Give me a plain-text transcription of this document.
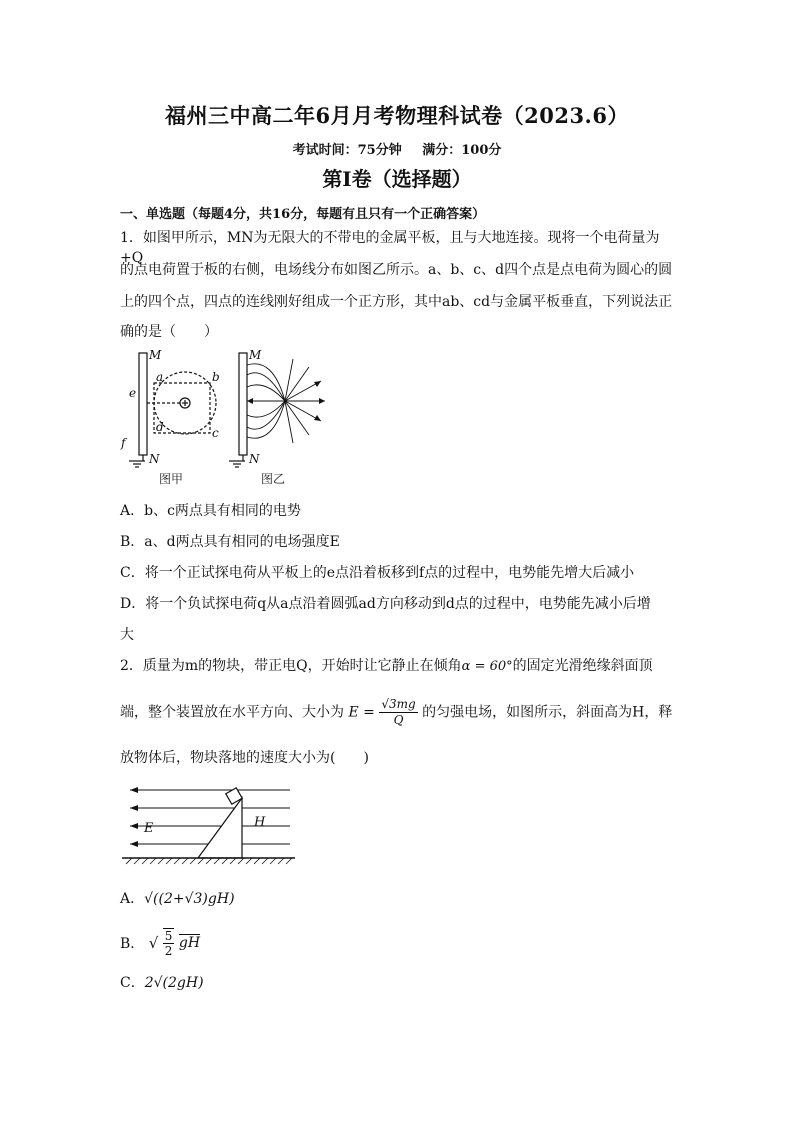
福州三中高二年6月月考物理科试卷（2023.6）
考试时间：75分钟 满分：100分
第I卷（选择题）
一、单选题（每题4分，共16分，每题有且只有一个正确答案）
1．如图甲所示，MN为无限大的不带电的金属平板，且与大地连接。现将一个电荷量为+Q
的点电荷置于板的右侧，电场线分布如图乙所示。a、b、c、d四个点是点电荷为圆心的圆
上的四个点，四点的连线刚好组成一个正方形，其中ab、cd与金属平板垂直，下列说法正
确的是（　　）
M
a	b
d	c
e
f
N
图甲
M
N
图乙
A．b、c两点具有相同的电势
B．a、d两点具有相同的电场强度E
C．将一个正试探电荷从平板上的e点沿着板移到f点的过程中，电势能先增大后减小
D．将一个负试探电荷q从a点沿着圆弧ad方向移动到d点的过程中，电势能先减小后增
大
2．质量为m的物块，带正电Q，开始时让它静止在倾角α = 60°的固定光滑绝缘斜面顶
端，整个装置放在水平方向、大小为 $E = \frac{√3mg}{Q}$ 的匀强电场，如图所示，斜面高为H，释
放物体后，物块落地的速度大小为(　　)
E	H
A．√((2+√3)gH)
B． √ $\frac{5}{2}$ gH
C．2√(2gH)
